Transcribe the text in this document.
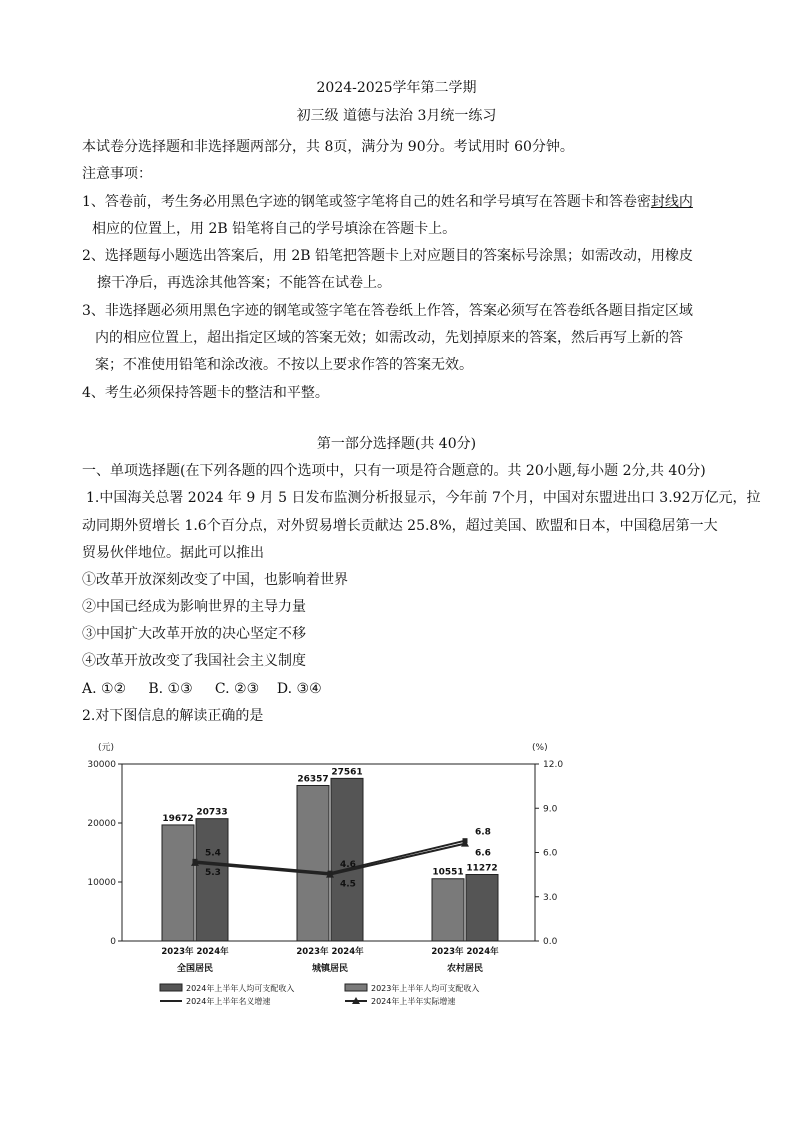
2024-2025学年第二学期
初三级 道德与法治 3月统一练习
本试卷分选择题和非选择题两部分，共 8页，满分为 90分。考试用时 60分钟。
注意事项：
1、答卷前，考生务必用黑色字迹的钢笔或签字笔将自己的姓名和学号填写在答题卡和答卷密封线内
相应的位置上，用 2B 铅笔将自己的学号填涂在答题卡上。
2、选择题每小题选出答案后，用 2B 铅笔把答题卡上对应题目的答案标号涂黑；如需改动，用橡皮
擦干净后，再选涂其他答案；不能答在试卷上。
3、非选择题必须用黑色字迹的钢笔或签字笔在答卷纸上作答，答案必须写在答卷纸各题目指定区域
内的相应位置上，超出指定区域的答案无效；如需改动，先划掉原来的答案，然后再写上新的答
案；不准使用铅笔和涂改液。不按以上要求作答的答案无效。
4、考生必须保持答题卡的整洁和平整。
第一部分选择题(共 40分)
一、单项选择题(在下列各题的四个选项中，只有一项是符合题意的。共 20小题,每小题 2分,共 40分)
1.中国海关总署 2024 年 9 月 5 日发布监测分析报显示，今年前 7个月，中国对东盟进出口 3.92万亿元，拉
动同期外贸增长 1.6个百分点，对外贸易增长贡献达 25.8%，超过美国、欧盟和日本，中国稳居第一大
贸易伙伴地位。据此可以推出
①改革开放深刻改变了中国，也影响着世界
②中国已经成为影响世界的主导力量
③中国扩大改革开放的决心坚定不移
④改革开放改变了我国社会主义制度
A. ①②     B. ①③     C. ②③    D. ③④
2.对下图信息的解读正确的是
(元)	(%)
30000
20000
10000
0
12.0
9.0
6.0
3.0
0.0
19672
20733
2023年 2024年
全国居民
26357
27561
2023年 2024年
城镇居民
10551 11272
2023年 2024年
农村居民
5.4
4.6
6.8
5.3
4.5
6.6
2024年上半年人均可支配收入	2023年上半年人均可支配收入
2024年上半年名义增速	2024年上半年实际增速
